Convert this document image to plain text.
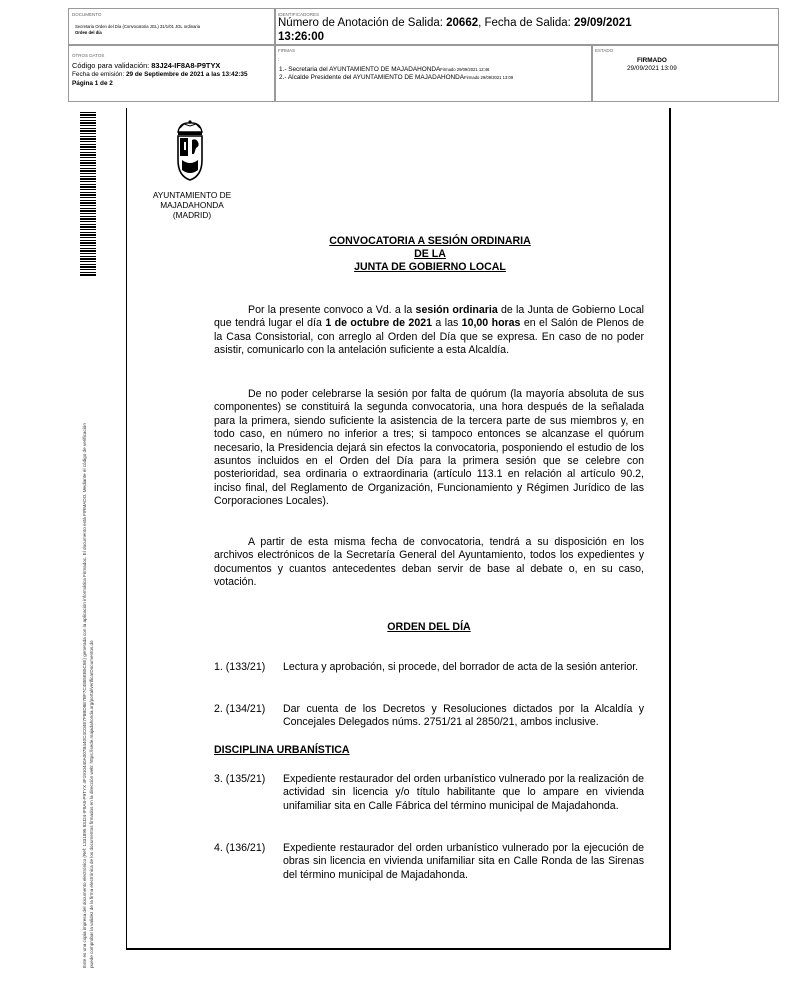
DOCUMENTO
Secretaria Orden del Día (Convocatoria JGL) 31/1/01 JGL ordinaria
Orden del día
IDENTIFICADORES
Número de Anotación de Salida: 20662, Fecha de Salida: 29/09/2021
13:26:00
OTROS DATOS
Código para validación: 83J24-IF8A8-P9TYX
Fecha de emisión: 29 de Septiembre de 2021 a las 13:42:35
Página 1 de 2
FIRMAS
:
1.- Secretaria del AYUNTAMIENTO DE MAJADAHONDAFirmado 29/09/2021 12:46
2.- Alcalde Presidente del AYUNTAMIENTO DE MAJADAHONDAFirmado 29/09/2021 13:09
ESTADO
FIRMADO
29/09/2021 13:09
Este es una copia impresa del documento electrónico (Ref: 1331895 83J24-IF8A8-P9TYX 4F1910440A007B440C4C04E7F8BD8E7BF7C4855EB5C5E) generada con la aplicación informática Firmadoc. El documento está FIRMADO. Mediante el código de verificación puede comprobar la validez de la firma electrónica de los documentos firmados en la dirección web: https://sede.majadahonda.org/portal/verificarDocumentos.do
AYUNTAMIENTO DE
MAJADAHONDA
(MADRID)
CONVOCATORIA A SESIÓN ORDINARIA
DE LA
JUNTA DE GOBIERNO LOCAL
Por la presente convoco a Vd. a la sesión ordinaria de la Junta de Gobierno Local que tendrá lugar el día 1 de octubre de 2021 a las 10,00 horas en el Salón de Plenos de la Casa Consistorial, con arreglo al Orden del Día que se expresa. En caso de no poder asistir, comunicarlo con la antelación suficiente a esta Alcaldía.
De no poder celebrarse la sesión por falta de quórum (la mayoría absoluta de sus componentes) se constituirá la segunda convocatoria, una hora después de la señalada para la primera, siendo suficiente la asistencia de la tercera parte de sus miembros y, en todo caso, en número no inferior a tres; si tampoco entonces se alcanzase el quórum necesario, la Presidencia dejará sin efectos la convocatoria, posponiendo el estudio de los asuntos incluidos en el Orden del Día para la primera sesión que se celebre con posterioridad, sea ordinaria o extraordinaria (artículo 113.1 en relación al artículo 90.2, inciso final, del Reglamento de Organización, Funcionamiento y Régimen Jurídico de las Corporaciones Locales).
A partir de esta misma fecha de convocatoria, tendrá a su disposición en los archivos electrónicos de la Secretaría General del Ayuntamiento, todos los expedientes y documentos y cuantos antecedentes deban servir de base al debate o, en su caso, votación.
ORDEN DEL DÍA
1. (133/21) Lectura y aprobación, si procede, del borrador de acta de la sesión anterior.
2. (134/21) Dar cuenta de los Decretos y Resoluciones dictados por la Alcaldía y Concejales Delegados núms. 2751/21 al 2850/21, ambos inclusive.
DISCIPLINA URBANÍSTICA
3. (135/21) Expediente restaurador del orden urbanístico vulnerado por la realización de actividad sin licencia y/o título habilitante que lo ampare en vivienda unifamiliar sita en Calle Fábrica del término municipal de Majadahonda.
4. (136/21) Expediente restaurador del orden urbanístico vulnerado por la ejecución de obras sin licencia en vivienda unifamiliar sita en Calle Ronda de las Sirenas del término municipal de Majadahonda.
